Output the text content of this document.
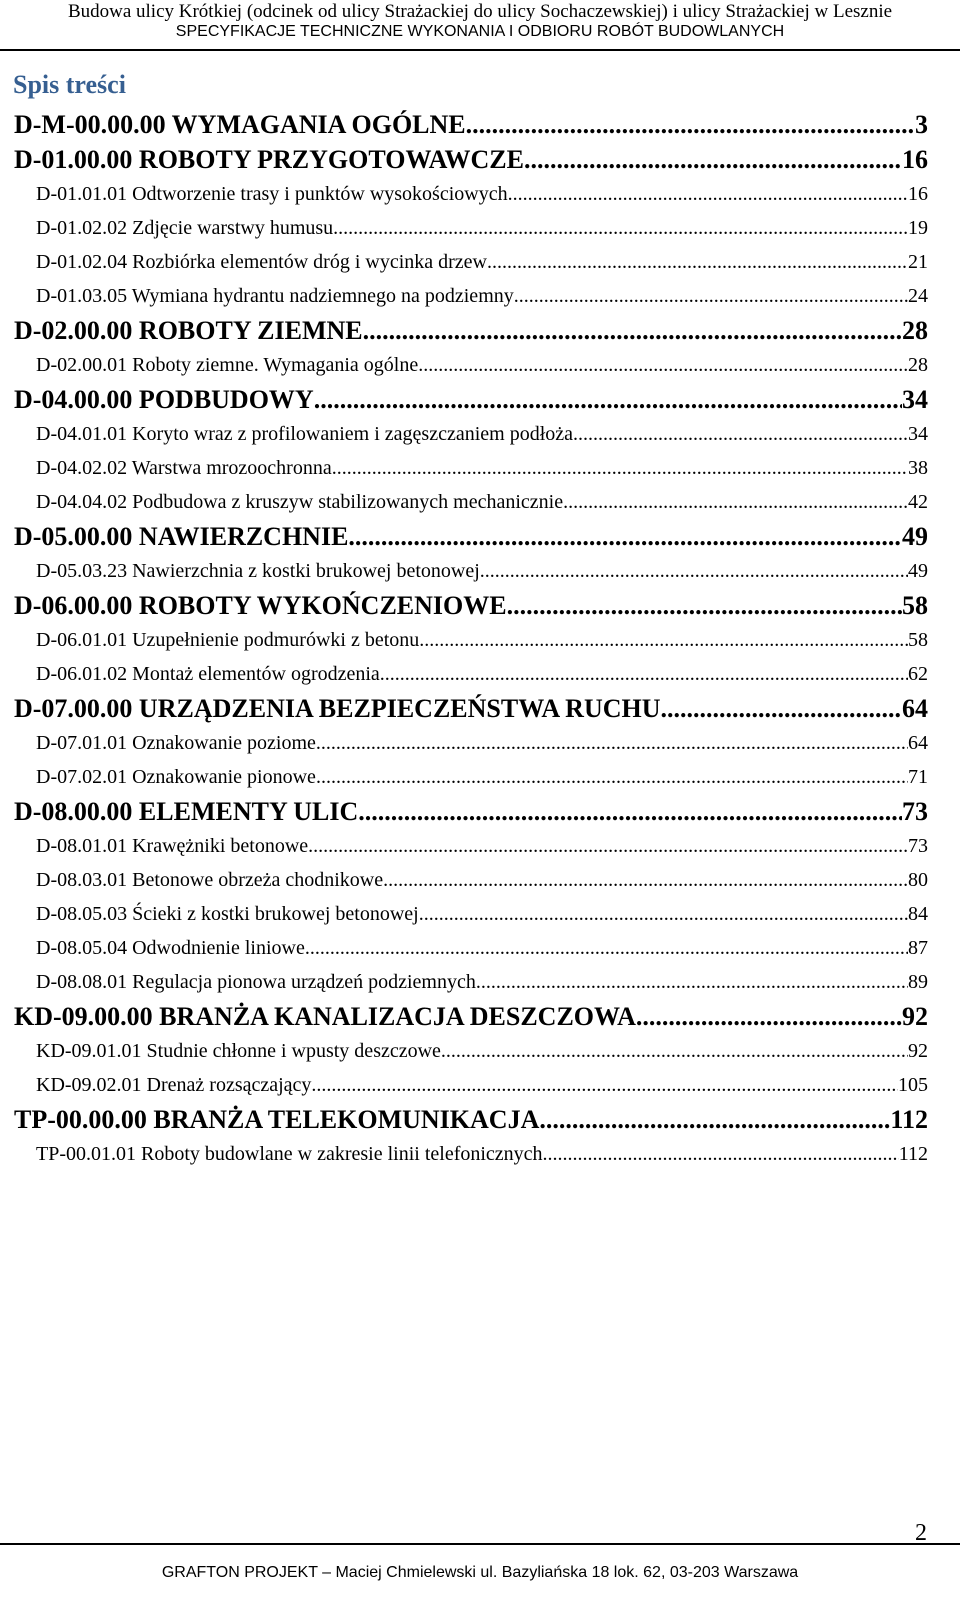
Budowa ulicy Krótkiej (odcinek od ulicy Strażackiej do ulicy Sochaczewskiej) i ulicy Strażackiej w Lesznie
SPECYFIKACJE TECHNICZNE WYKONANIA I ODBIORU ROBÓT BUDOWLANYCH
Spis treści
D-M-00.00.00 WYMAGANIA OGÓLNE .....	3
D-01.00.00 ROBOTY PRZYGOTOWAWCZE .....	16
D-01.01.01 Odtworzenie trasy i punktów wysokościowych .....	16
D-01.02.02 Zdjęcie warstwy humusu .....	19
D-01.02.04 Rozbiórka elementów dróg i wycinka drzew .....	21
D-01.03.05 Wymiana hydrantu nadziemnego na podziemny .....	24
D-02.00.00 ROBOTY ZIEMNE .....	28
D-02.00.01 Roboty ziemne. Wymagania ogólne .....	28
D-04.00.00 PODBUDOWY .....	34
D-04.01.01 Koryto wraz z profilowaniem i zagęszczaniem podłoża .....	34
D-04.02.02 Warstwa mrozoochronna .....	38
D-04.04.02 Podbudowa z kruszyw stabilizowanych mechanicznie .....	42
D-05.00.00 NAWIERZCHNIE .....	49
D-05.03.23 Nawierzchnia z kostki brukowej betonowej .....	49
D-06.00.00 ROBOTY WYKOŃCZENIOWE .....	58
D-06.01.01 Uzupełnienie podmurówki z betonu .....	58
D-06.01.02 Montaż elementów ogrodzenia .....	62
D-07.00.00 URZĄDZENIA BEZPIECZEŃSTWA RUCHU .....	64
D-07.01.01 Oznakowanie poziome .....	64
D-07.02.01 Oznakowanie pionowe .....	71
D-08.00.00 ELEMENTY ULIC .....	73
D-08.01.01 Krawężniki betonowe .....	73
D-08.03.01 Betonowe obrzeża chodnikowe .....	80
D-08.05.03 Ścieki z kostki brukowej betonowej .....	84
D-08.05.04 Odwodnienie liniowe .....	87
D-08.08.01 Regulacja pionowa urządzeń podziemnych .....	89
KD-09.00.00 BRANŻA KANALIZACJA DESZCZOWA .....	92
KD-09.01.01 Studnie chłonne i wpusty deszczowe .....	92
KD-09.02.01 Drenaż rozsączający .....	105
TP-00.00.00 BRANŻA TELEKOMUNIKACJA .....	112
TP-00.01.01 Roboty budowlane w zakresie linii telefonicznych .....	112
2
GRAFTON PROJEKT – Maciej Chmielewski ul. Bazyliańska 18 lok. 62, 03-203 Warszawa
